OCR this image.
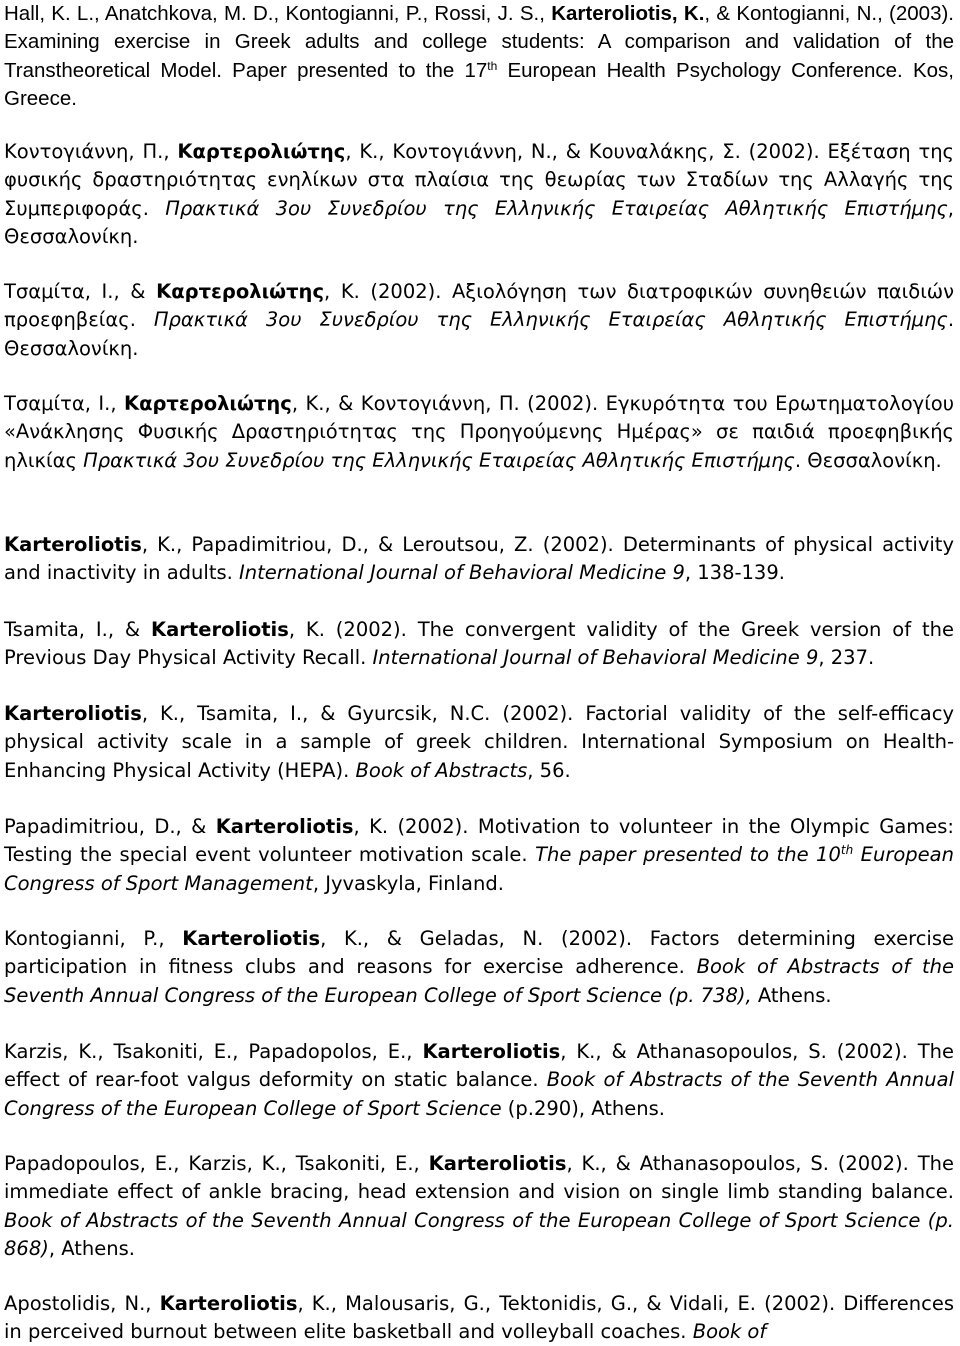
Hall, K. L., Anatchkova, M. D., Kontogianni, P., Rossi, J. S., Karteroliotis, K., & Kontogianni, N., (2003). Examining exercise in Greek adults and college students: A comparison and validation of the Transtheoretical Model. Paper presented to the 17th European Health Psychology Conference. Kos, Greece.

Κοντογιάννη, Π., Καρτερολιώτης, Κ., Κοντογιάννη, Ν., & Κουναλάκης, Σ. (2002). Εξέταση της φυσικής δραστηριότητας ενηλίκων στα πλαίσια της θεωρίας των Σταδίων της Αλλαγής της Συμπεριφοράς. Πρακτικά 3ου Συνεδρίου της Ελληνικής Εταιρείας Αθλητικής Επιστήμης, Θεσσαλονίκη.

Τσαμίτα, Ι., & Καρτερολιώτης, Κ. (2002). Αξιολόγηση των διατροφικών συνηθειών παιδιών προεφηβείας. Πρακτικά 3ου Συνεδρίου της Ελληνικής Εταιρείας Αθλητικής Επιστήμης. Θεσσαλονίκη.

Τσαμίτα, Ι., Καρτερολιώτης, Κ., & Κοντογιάννη, Π. (2002). Εγκυρότητα του Ερωτηματολογίου «Ανάκλησης Φυσικής Δραστηριότητας της Προηγούμενης Ημέρας» σε παιδιά προεφηβικής ηλικίας Πρακτικά 3ου Συνεδρίου της Ελληνικής Εταιρείας Αθλητικής Επιστήμης. Θεσσαλονίκη.

Karteroliotis, K., Papadimitriou, D., & Leroutsou, Z. (2002). Determinants of physical activity and inactivity in adults. International Journal of Behavioral Medicine 9, 138-139.

Tsamita, I., & Karteroliotis, K. (2002). The convergent validity of the Greek version of the Previous Day Physical Activity Recall. International Journal of Behavioral Medicine 9, 237.

Karteroliotis, K., Tsamita, I., & Gyurcsik, N.C. (2002). Factorial validity of the self-efficacy physical activity scale in a sample of greek children. International Symposium on Health-Enhancing Physical Activity (HEPA). Book of Abstracts, 56.

Papadimitriou, D., & Karteroliotis, K. (2002). Motivation to volunteer in the Olympic Games: Testing the special event volunteer motivation scale. The paper presented to the 10th European Congress of Sport Management, Jyvaskyla, Finland.

Kontogianni, P., Karteroliotis, K., & Geladas, N. (2002). Factors determining exercise participation in fitness clubs and reasons for exercise adherence. Book of Abstracts of the Seventh Annual Congress of the European College of Sport Science (p. 738), Athens.

Karzis, K., Tsakoniti, E., Papadopolos, E., Karteroliotis, K., & Athanasopoulos, S. (2002). The effect of rear-foot valgus deformity on static balance. Book of Abstracts of the Seventh Annual Congress of the European College of Sport Science (p.290), Athens.

Papadopoulos, E., Karzis, K., Tsakoniti, E., Karteroliotis, K., & Athanasopoulos, S. (2002). The immediate effect of ankle bracing, head extension and vision on single limb standing balance. Book of Abstracts of the Seventh Annual Congress of the European College of Sport Science (p. 868), Athens.

Apostolidis, N., Karteroliotis, K., Malousaris, G., Tektonidis, G., & Vidali, E. (2002). Differences in perceived burnout between elite basketball and volleyball coaches. Book of
